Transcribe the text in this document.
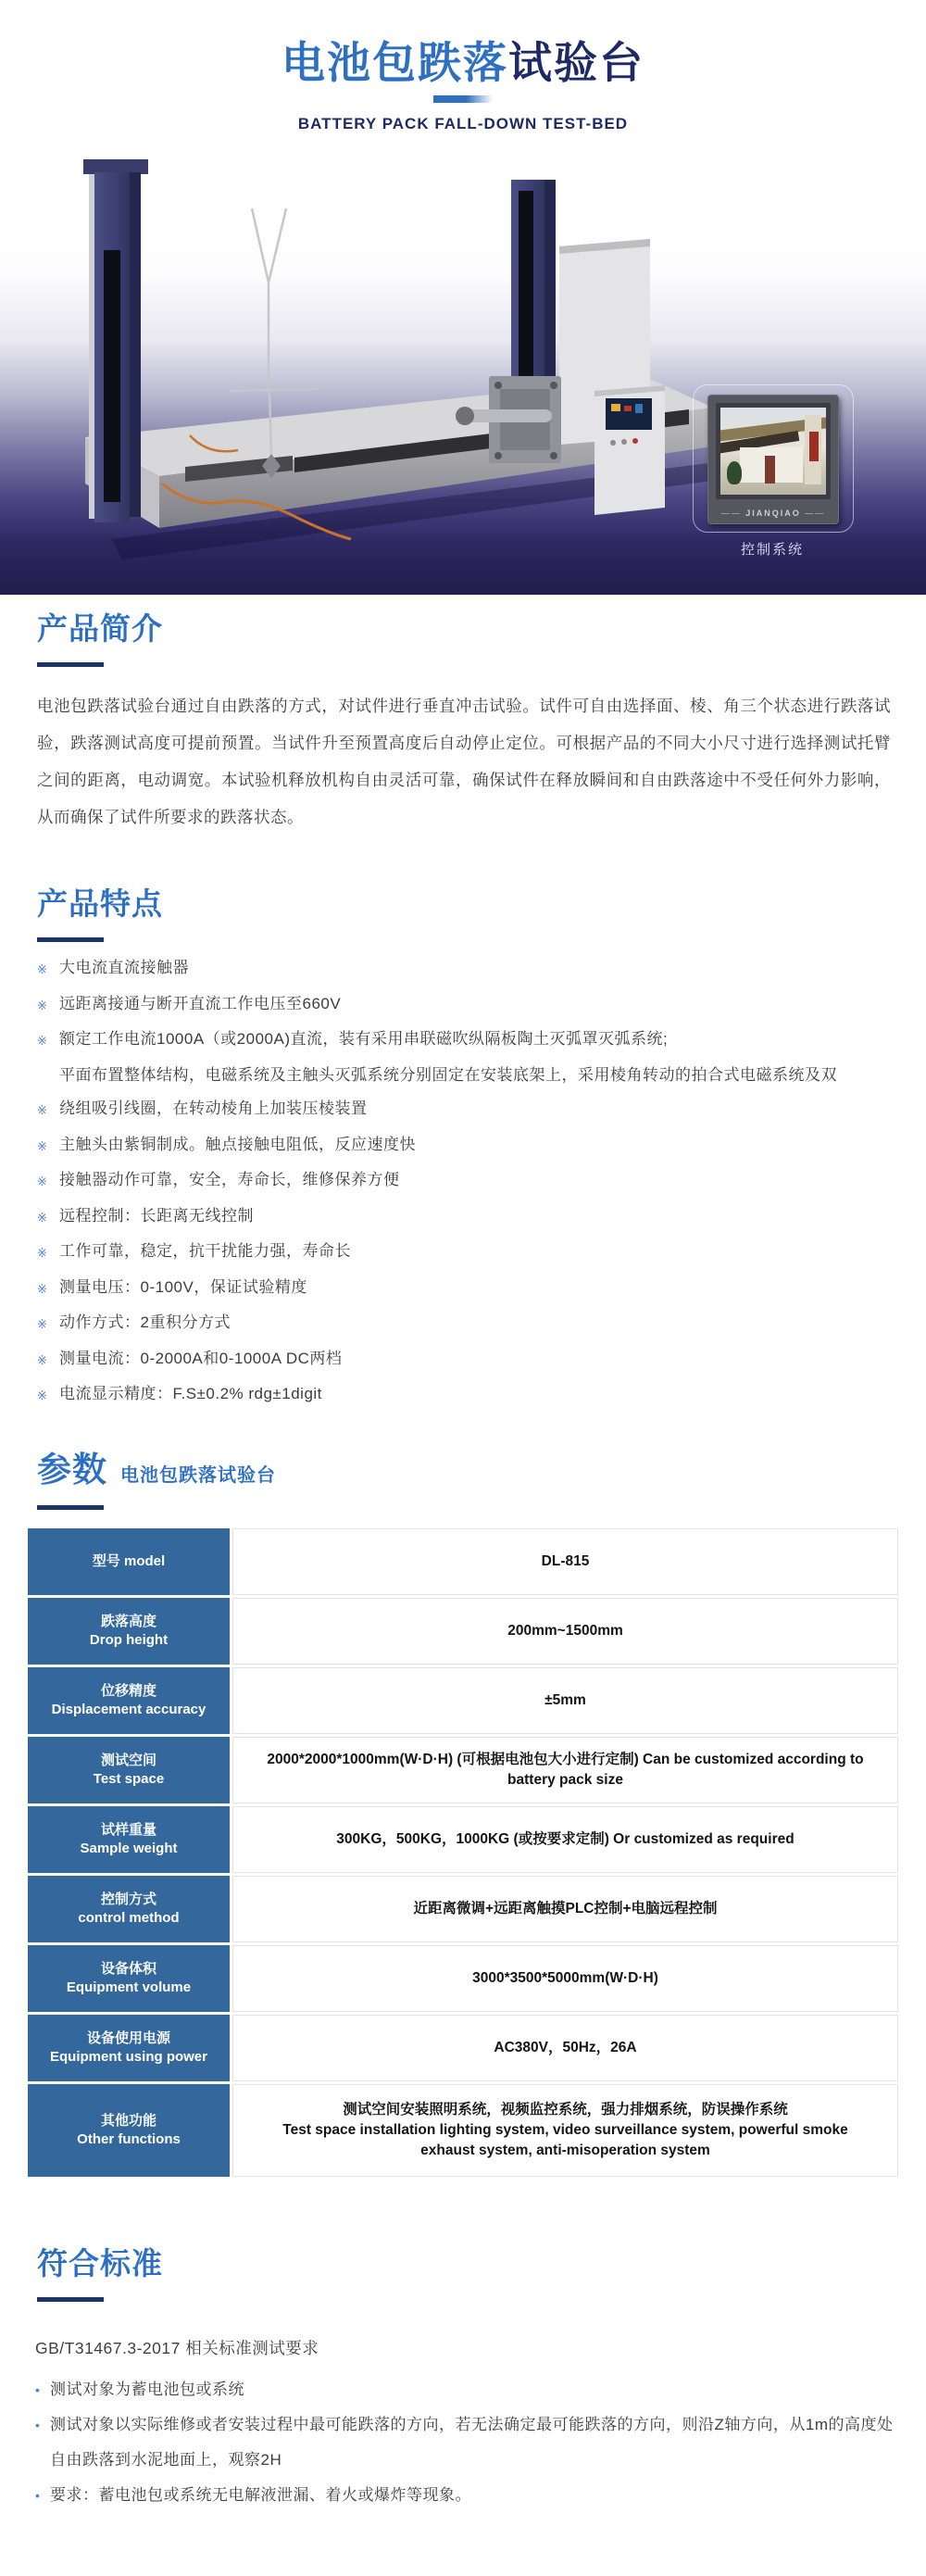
电池包跌落试验台
BATTERY PACK FALL-DOWN TEST-BED
—— JIANQIAO ——
控制系统
产品简介
电池包跌落试验台通过自由跌落的方式，对试件进行垂直冲击试验。试件可自由选择面、棱、角三个状态进行跌落试验，跌落测试高度可提前预置。当试件升至预置高度后自动停止定位。可根据产品的不同大小尺寸进行选择测试托臂之间的距离，电动调宽。本试验机释放机构自由灵活可靠，确保试件在释放瞬间和自由跌落途中不受任何外力影响，从而确保了试件所要求的跌落状态。
产品特点
※ 大电流直流接触器
※ 远距离接通与断开直流工作电压至660V
※ 额定工作电流1000A（或2000A)直流，装有采用串联磁吹纵隔板陶土灭弧罩灭弧系统;
平面布置整体结构，电磁系统及主触头灭弧系统分别固定在安装底架上，采用棱角转动的拍合式电磁系统及双
※ 绕组吸引线圈，在转动棱角上加装压棱装置
※ 主触头由紫铜制成。触点接触电阻低，反应速度快
※ 接触器动作可靠，安全，寿命长，维修保养方便
※ 远程控制：长距离无线控制
※ 工作可靠，稳定，抗干扰能力强，寿命长
※ 测量电压：0-100V，保证试验精度
※ 动作方式：2重积分方式
※ 测量电流：0-2000A和0-1000A DC两档
※ 电流显示精度：F.S±0.2% rdg±1digit
参数 电池包跌落试验台
型号 model	DL-815
跌落高度
Drop height
200mm~1500mm
位移精度
Displacement accuracy
±5mm
测试空间
Test space
2000*2000*1000mm(W·D·H) (可根据电池包大小进行定制) Can be customized according to battery pack size
试样重量
Sample weight
300KG，500KG，1000KG (或按要求定制) Or customized as required
控制方式
control method
近距离微调+远距离触摸PLC控制+电脑远程控制
设备体积
Equipment volume
3000*3500*5000mm(W·D·H)
设备使用电源
Equipment using power
AC380V，50Hz，26A
其他功能
Other functions
测试空间安装照明系统，视频监控系统，强力排烟系统，防误操作系统
Test space installation lighting system, video surveillance system, powerful smoke exhaust system, anti-misoperation system
符合标准
GB/T31467.3-2017 相关标准测试要求
• 测试对象为蓄电池包或系统
• 测试对象以实际维修或者安装过程中最可能跌落的方向，若无法确定最可能跌落的方向，则沿Z轴方向，从1m的高度处自由跌落到水泥地面上，观察2H
• 要求：蓄电池包或系统无电解液泄漏、着火或爆炸等现象。
